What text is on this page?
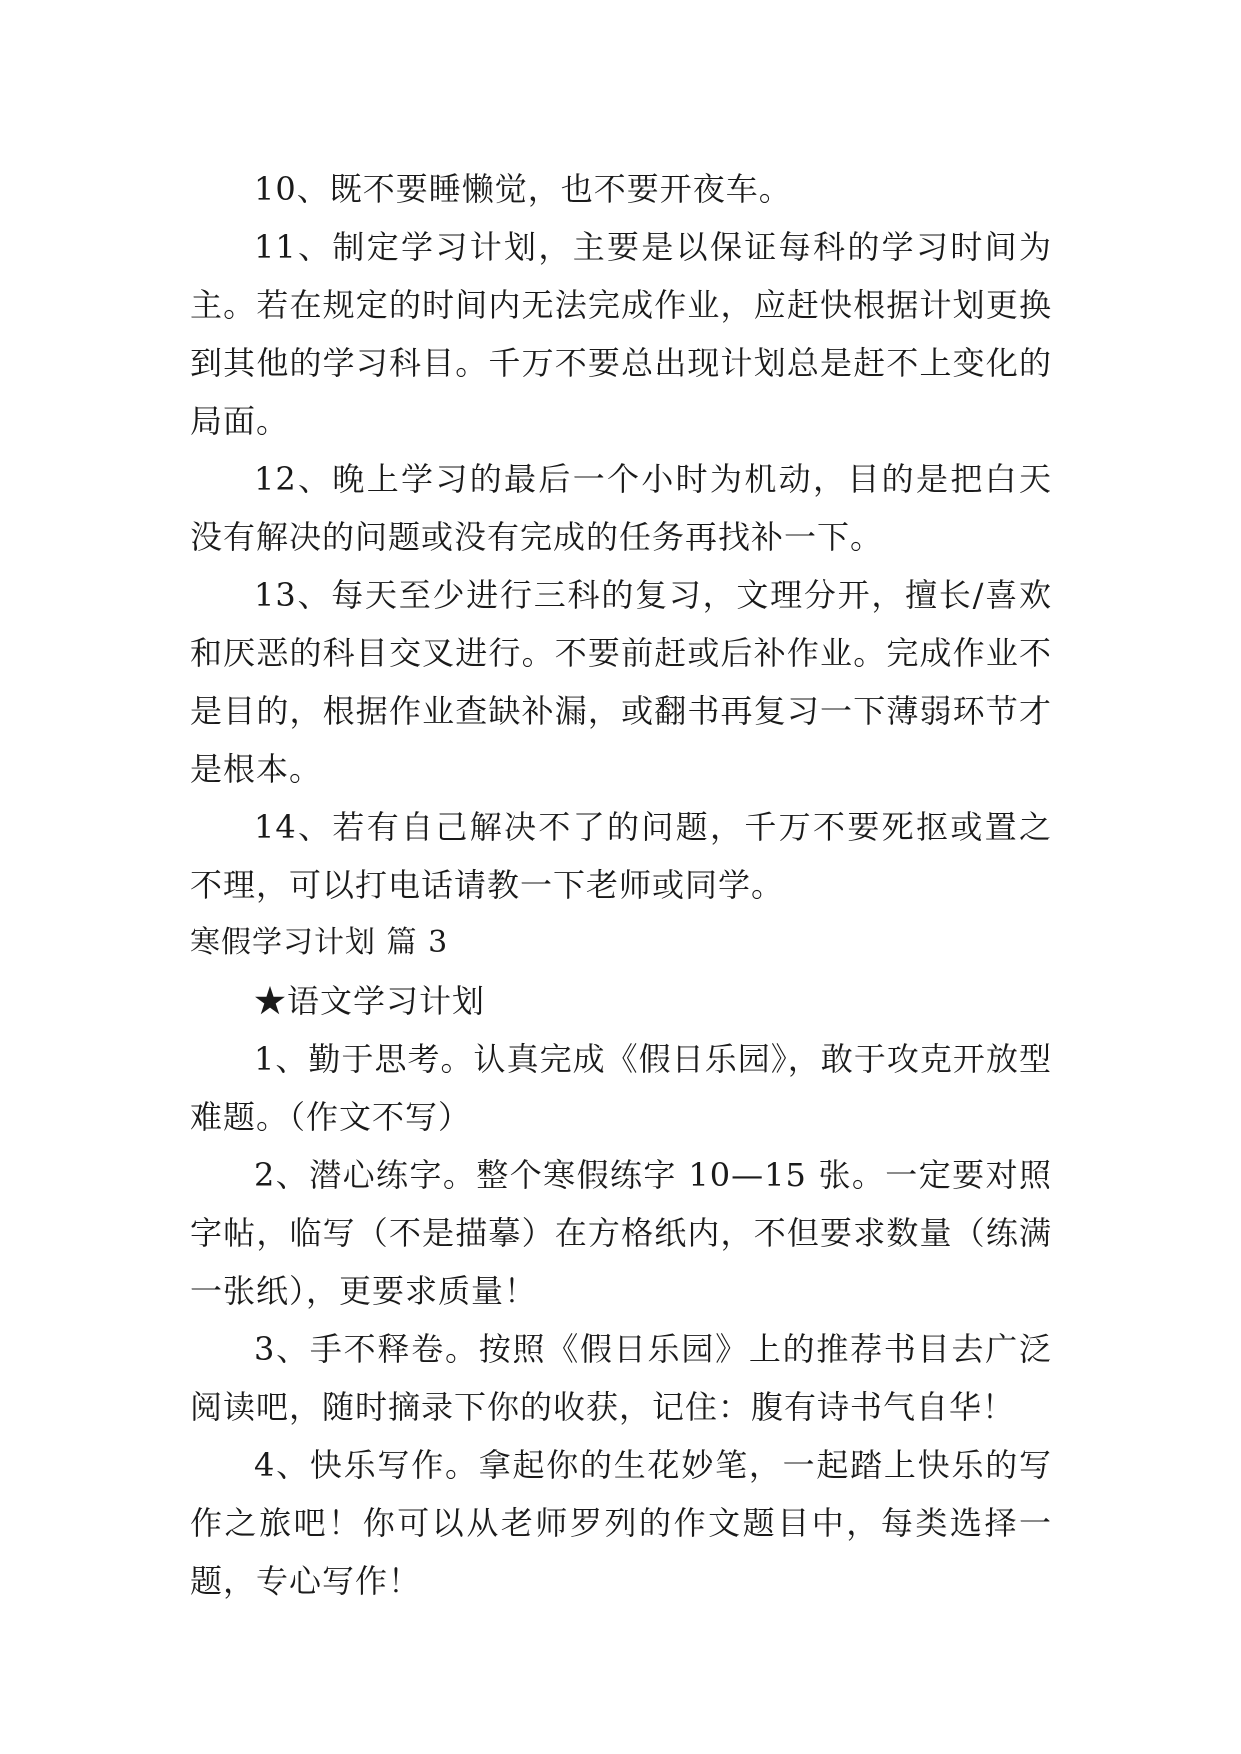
10、既不要睡懒觉，也不要开夜车。

11、制定学习计划，主要是以保证每科的学习时间为主。若在规定的时间内无法完成作业，应赶快根据计划更换到其他的学习科目。千万不要总出现计划总是赶不上变化的局面。

12、晚上学习的最后一个小时为机动，目的是把白天没有解决的问题或没有完成的任务再找补一下。

13、每天至少进行三科的复习，文理分开，擅长/喜欢和厌恶的科目交叉进行。不要前赶或后补作业。完成作业不是目的，根据作业查缺补漏，或翻书再复习一下薄弱环节才是根本。

14、若有自己解决不了的问题，千万不要死抠或置之不理，可以打电话请教一下老师或同学。

寒假学习计划 篇 3

★语文学习计划

1、勤于思考。认真完成《假日乐园》，敢于攻克开放型难题。（作文不写）

2、潜心练字。整个寒假练字 10—15 张。一定要对照字帖，临写（不是描摹）在方格纸内，不但要求数量（练满一张纸），更要求质量！

3、手不释卷。按照《假日乐园》上的推荐书目去广泛阅读吧，随时摘录下你的收获，记住：腹有诗书气自华！

4、快乐写作。拿起你的生花妙笔，一起踏上快乐的写作之旅吧！你可以从老师罗列的作文题目中，每类选择一题，专心写作！
